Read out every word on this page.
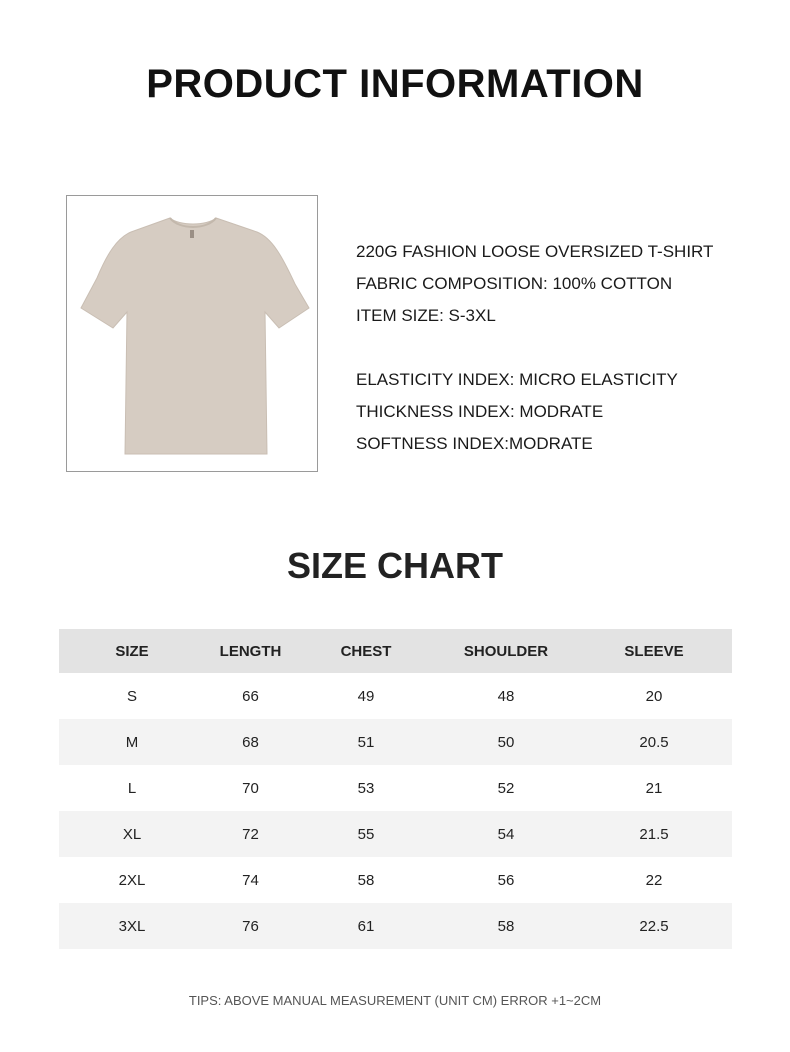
PRODUCT INFORMATION
220G FASHION LOOSE OVERSIZED T-SHIRT
FABRIC COMPOSITION: 100% COTTON
ITEM SIZE: S-3XL
ELASTICITY INDEX: MICRO ELASTICITY
THICKNESS INDEX: MODRATE
SOFTNESS INDEX:MODRATE
SIZE CHART
SIZE	LENGTH	CHEST	SHOULDER	SLEEVE
S	66	49	48	20
M	68	51	50	20.5
L	70	53	52	21
XL	72	55	54	21.5
2XL	74	58	56	22
3XL	76	61	58	22.5
TIPS: ABOVE MANUAL MEASUREMENT (UNIT CM) ERROR +1~2CM
